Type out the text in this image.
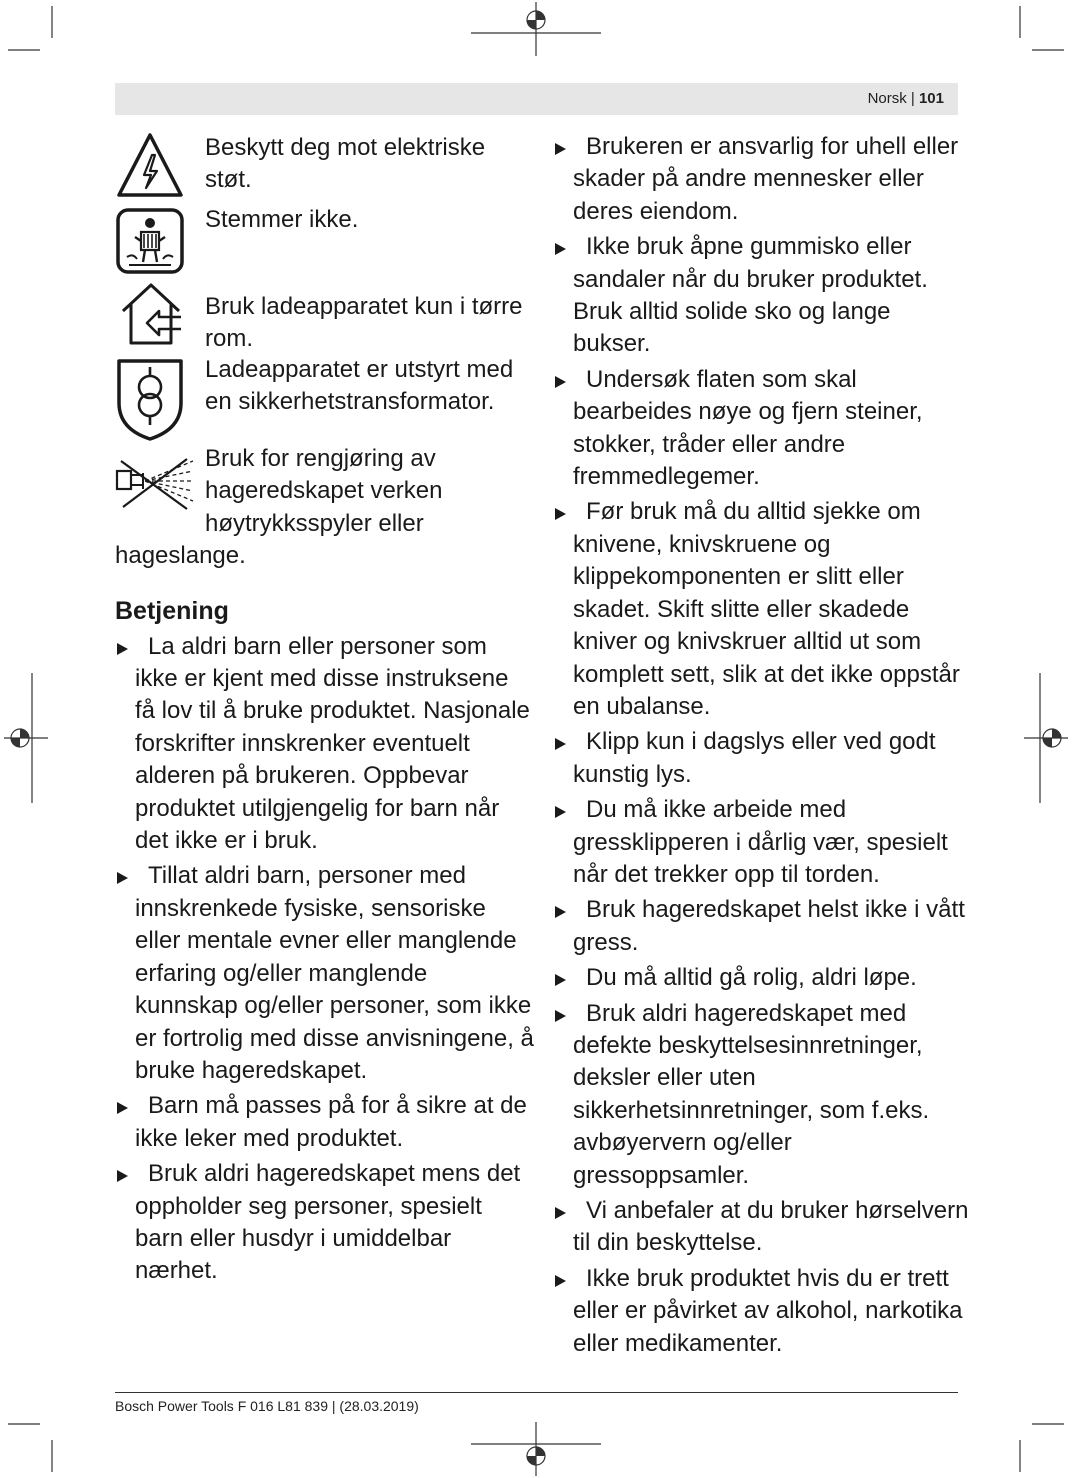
Norsk | 101
Beskytt deg mot elektriske støt.
Stemmer ikke.
Bruk ladeapparatet kun i tørre rom.
Ladeapparatet er utstyrt med en sikkerhetstransformator.
Bruk for rengjøring av hageredskapet verken høytrykksspyler eller hageslange.
Betjening
La aldri barn eller personer som ikke er kjent med disse instruksene få lov til å bruke produktet. Nasjonale forskrifter innskrenker eventuelt alderen på brukeren. Oppbevar produktet utilgjengelig for barn når det ikke er i bruk.
Tillat aldri barn, personer med innskrenkede fysiske, sensoriske eller mentale evner eller manglende erfaring og/eller manglende kunnskap og/eller personer, som ikke er fortrolig med disse anvisningene, å bruke hageredskapet.
Barn må passes på for å sikre at de ikke leker med produktet.
Bruk aldri hageredskapet mens det oppholder seg personer, spesielt barn eller husdyr i umiddelbar nærhet.
Brukeren er ansvarlig for uhell eller skader på andre mennesker eller deres eiendom.
Ikke bruk åpne gummisko eller sandaler når du bruker produktet. Bruk alltid solide sko og lange bukser.
Undersøk flaten som skal bearbeides nøye og fjern steiner, stokker, tråder eller andre fremmedlegemer.
Før bruk må du alltid sjekke om knivene, knivskruene og klippekomponenten er slitt eller skadet. Skift slitte eller skadede kniver og knivskruer alltid ut som komplett sett, slik at det ikke oppstår en ubalanse.
Klipp kun i dagslys eller ved godt kunstig lys.
Du må ikke arbeide med gressklipperen i dårlig vær, spesielt når det trekker opp til torden.
Bruk hageredskapet helst ikke i vått gress.
Du må alltid gå rolig, aldri løpe.
Bruk aldri hageredskapet med defekte beskyttelsesinnretninger, deksler eller uten sikkerhetsinnretninger, som f.eks. avbøyervern og/eller gressoppsamler.
Vi anbefaler at du bruker hørselvern til din beskyttelse.
Ikke bruk produktet hvis du er trett eller er påvirket av alkohol, narkotika eller medikamenter.
Bosch Power Tools F 016 L81 839 | (28.03.2019)
